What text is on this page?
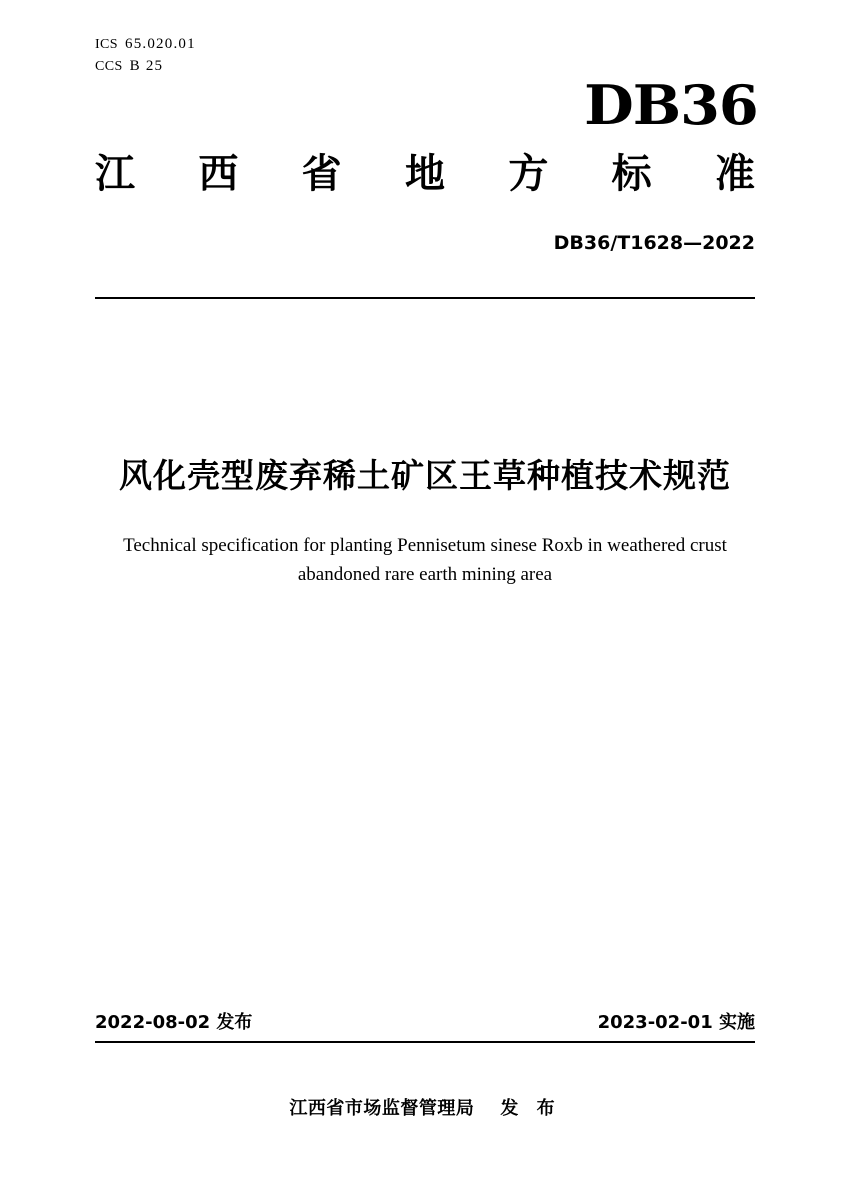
ICS 65.020.01
CCS B 25
DB36
江 西 省 地 方 标 准
DB36/T1628—2022
风化壳型废弃稀土矿区王草种植技术规范
Technical specification for planting Pennisetum sinese Roxb in weathered crust
abandoned rare earth mining area
2022-08-02 发布	2023-02-01 实施
江西省市场监督管理局 发 布
